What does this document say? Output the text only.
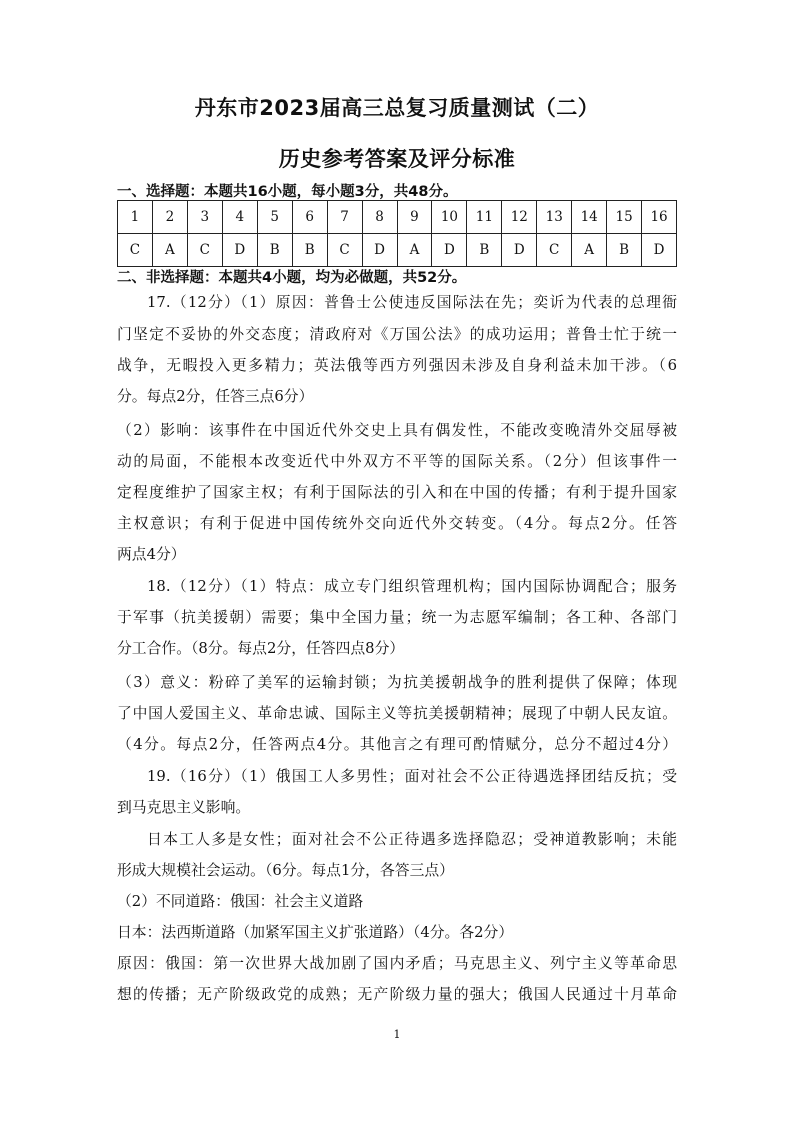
丹东市2023届高三总复习质量测试（二）
历史参考答案及评分标准
一、选择题：本题共16小题，每小题3分，共48分。
1	2	3	4	5	6	7	8	9	10	11	12	13	14	15	16
C	A	C	D	B	B	C	D	A	D	B	D	C	A	B	D
二、非选择题：本题共4小题，均为必做题，共52分。
17.（12分）（1）原因：普鲁士公使违反国际法在先；奕䜣为代表的总理衙
门坚定不妥协的外交态度；清政府对《万国公法》的成功运用；普鲁士忙于统一
战争，无暇投入更多精力；英法俄等西方列强因未涉及自身利益未加干涉。（6
分。每点2分，任答三点6分）
（2）影响：该事件在中国近代外交史上具有偶发性，不能改变晚清外交屈辱被
动的局面，不能根本改变近代中外双方不平等的国际关系。（2分）但该事件一
定程度维护了国家主权；有利于国际法的引入和在中国的传播；有利于提升国家
主权意识；有利于促进中国传统外交向近代外交转变。（4分。每点2分。任答
两点4分）
18.（12分）（1）特点：成立专门组织管理机构；国内国际协调配合；服务
于军事（抗美援朝）需要；集中全国力量；统一为志愿军编制；各工种、各部门
分工合作。（8分。每点2分，任答四点8分）
（3）意义：粉碎了美军的运输封锁；为抗美援朝战争的胜利提供了保障；体现
了中国人爱国主义、革命忠诚、国际主义等抗美援朝精神；展现了中朝人民友谊。
（4分。每点2分，任答两点4分。其他言之有理可酌情赋分，总分不超过4分）
19.（16分）（1）俄国工人多男性；面对社会不公正待遇选择团结反抗；受
到马克思主义影响。
日本工人多是女性；面对社会不公正待遇多选择隐忍；受神道教影响；未能
形成大规模社会运动。（6分。每点1分，各答三点）
（2）不同道路：俄国：社会主义道路
日本：法西斯道路（加紧军国主义扩张道路）（4分。各2分）
原因：俄国：第一次世界大战加剧了国内矛盾；马克思主义、列宁主义等革命思
想的传播；无产阶级政党的成熟；无产阶级力量的强大；俄国人民通过十月革命
1
